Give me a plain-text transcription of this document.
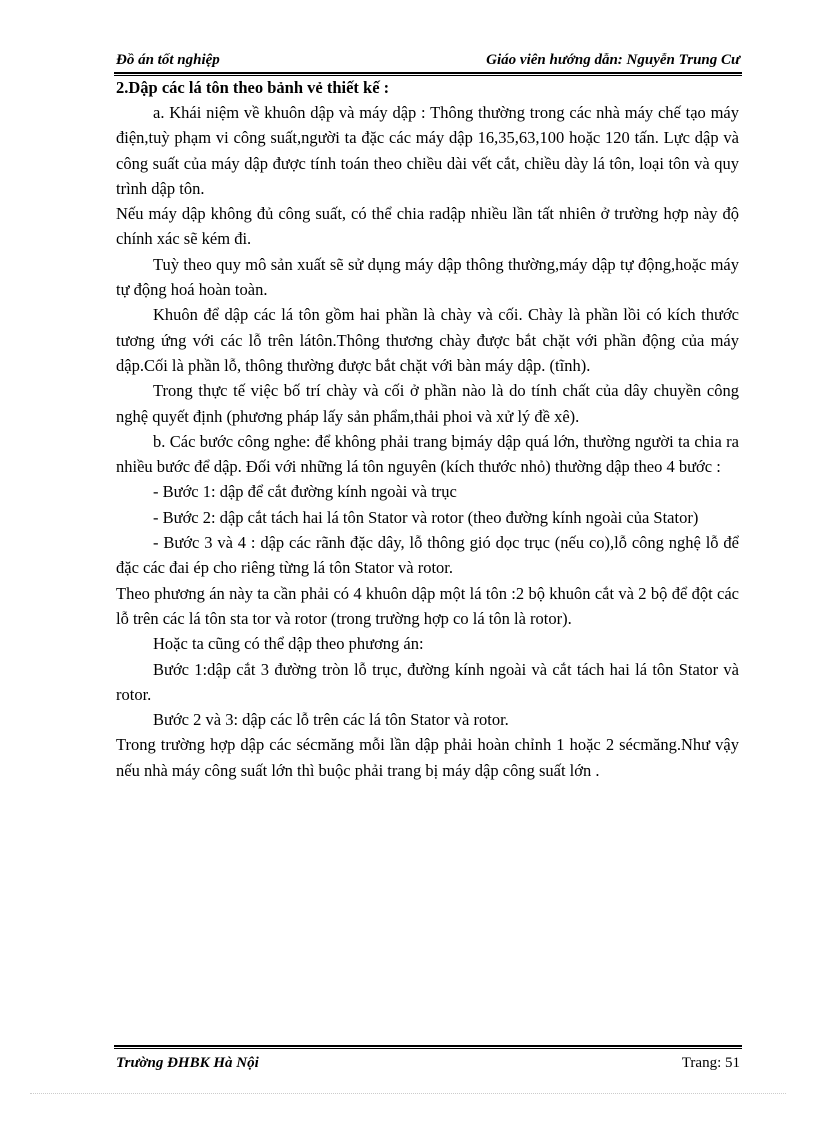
Đồ án tốt nghiệp	Giáo viên hướng dẫn: Nguyễn Trung Cư
2.Dập các lá tôn theo bảnh vẻ thiết kế :

a. Khái niệm về khuôn dập và máy dập : Thông thường trong các nhà máy chế tạo máy điện,tuỳ phạm vi công suất,người ta đặc các máy dập 16,35,63,100 hoặc 120 tấn. Lực dập và công suất của máy dập được tính toán theo chiều dài vết cắt, chiều dày lá tôn, loại tôn và quy trình dập tôn.

Nếu máy dập không đủ công suất, có thể chia radập nhiều lần tất nhiên ở trường hợp này độ chính xác sẽ kém đi.

Tuỳ theo quy mô sản xuất sẽ sử dụng máy dập thông thường,máy dập tự động,hoặc máy tự động hoá hoàn toàn.

Khuôn để dập các lá tôn gồm hai phần là chày và cối. Chày là phần lồi có kích thước tương ứng với các lỗ trên látôn.Thông thương chày được bắt chặt với phần động của máy dập.Cối là phần lỗ, thông thường được bắt chặt với bàn máy dập. (tĩnh).

Trong thực tế việc bố trí chày và cối ở phần nào là do tính chất của dây chuyền công nghệ quyết định (phương pháp lấy sản phẩm,thải phoi và xử lý đề xê).

b. Các bước công nghe: để không phải trang bịmáy dập quá lớn, thường người ta chia ra nhiều bước để dập. Đối với những lá tôn nguyên (kích thước nhỏ) thường dập theo 4 bước :

- Bước 1: dập để cắt đường kính ngoài và trục

- Bước 2: dập cắt tách hai lá tôn Stator và rotor (theo đường kính ngoài của Stator)

- Bước 3 và 4 : dập các rãnh đặc dây, lỗ thông gió dọc trục (nếu co),lỗ công nghệ lỗ để đặc các đai ép cho riêng từng lá tôn Stator và rotor.

Theo phương án này ta cần phải có 4 khuôn dập một lá tôn :2 bộ khuôn cắt và 2 bộ để đột các lỗ trên các lá tôn sta tor và rotor (trong trường hợp co lá tôn là rotor).

Hoặc ta cũng có thể dập theo phương án:

Bước 1:dập cắt 3 đường tròn lỗ trục, đường kính ngoài và cắt tách hai lá tôn Stator và rotor.

Bước 2 và 3: dập các lỗ trên các lá tôn Stator và rotor.

Trong trường hợp dập các sécmăng mỗi lần dập phải hoàn chỉnh 1 hoặc 2 sécmăng.Như vậy nếu nhà máy công suất lớn thì buộc phải trang bị máy dập công suất lớn .

Trường ĐHBK Hà Nội	Trang: 51
